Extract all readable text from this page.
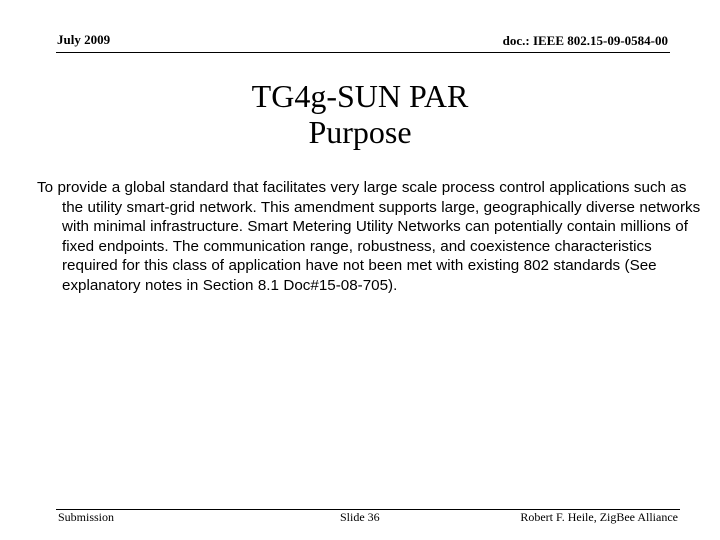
July 2009	doc.: IEEE 802.15-09-0584-00
TG4g-SUN PAR
Purpose
To provide a global standard that facilitates very large scale process control applications such as the utility smart-grid network. This amendment supports large, geographically diverse networks with minimal infrastructure. Smart Metering Utility Networks can potentially contain millions of fixed endpoints. The communication range, robustness, and coexistence characteristics required for this class of application have not been met with existing 802 standards (See explanatory notes in Section 8.1 Doc#15-08-705).
Submission	Slide 36	Robert F. Heile, ZigBee Alliance
